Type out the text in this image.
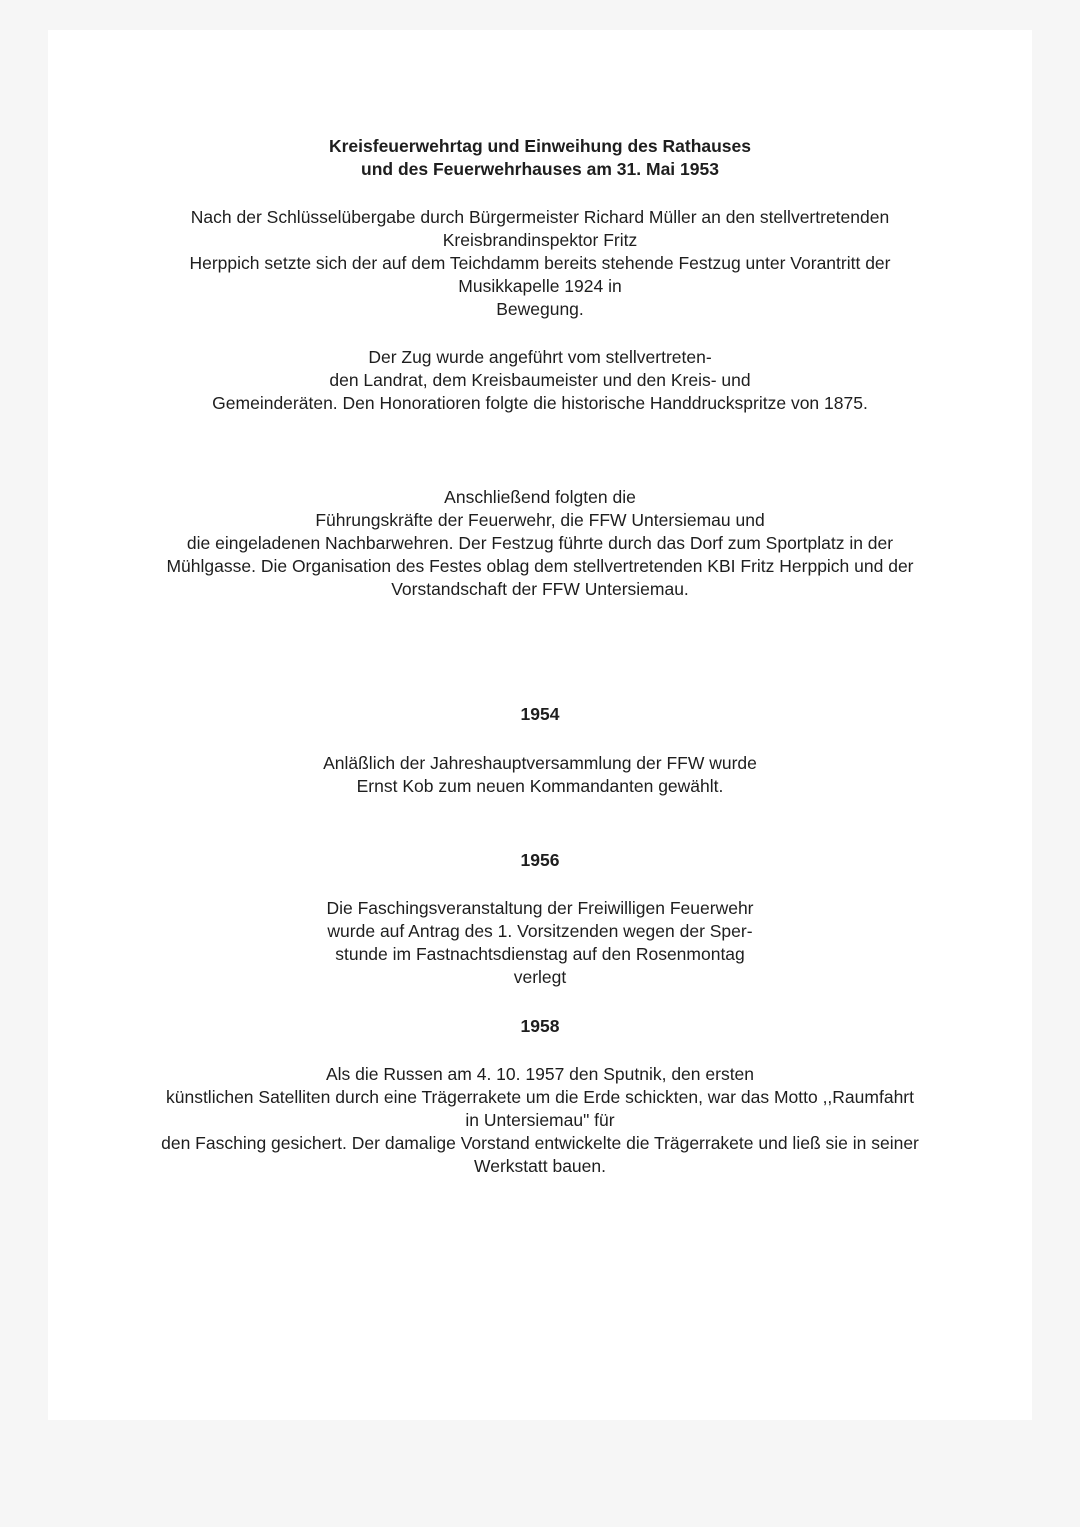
Kreisfeuerwehrtag und Einweihung des Rathauses
und des Feuerwehrhauses am 31. Mai 1953
Nach der Schlüsselübergabe durch Bürgermeister Richard Müller an den stellvertretenden
Kreisbrandinspektor Fritz
Herppich setzte sich der auf dem Teichdamm bereits stehende Festzug unter Vorantritt der
Musikkapelle 1924 in
Bewegung.
Der Zug wurde angeführt vom stellvertreten-
den Landrat, dem Kreisbaumeister und den Kreis- und
Gemeinderäten. Den Honoratioren folgte die historische Handdruckspritze von 1875.
Anschließend folgten die
Führungskräfte der Feuerwehr, die FFW Untersiemau und
die eingeladenen Nachbarwehren. Der Festzug führte durch das Dorf zum Sportplatz in der
Mühlgasse. Die Organisation des Festes oblag dem stellvertretenden KBI Fritz Herppich und der
Vorstandschaft der FFW Untersiemau.
1954
Anläßlich der Jahreshauptversammlung der FFW wurde
Ernst Kob zum neuen Kommandanten gewählt.
1956
Die Faschingsveranstaltung der Freiwilligen Feuerwehr
wurde auf Antrag des 1. Vorsitzenden wegen der Sper-
stunde im Fastnachtsdienstag auf den Rosenmontag
verlegt
1958
Als die Russen am 4. 10. 1957 den Sputnik, den ersten
künstlichen Satelliten durch eine Trägerrakete um die Erde schickten, war das Motto ,,Raumfahrt
in Untersiemau" für
den Fasching gesichert. Der damalige Vorstand entwickelte die Trägerrakete und ließ sie in seiner
Werkstatt bauen.
